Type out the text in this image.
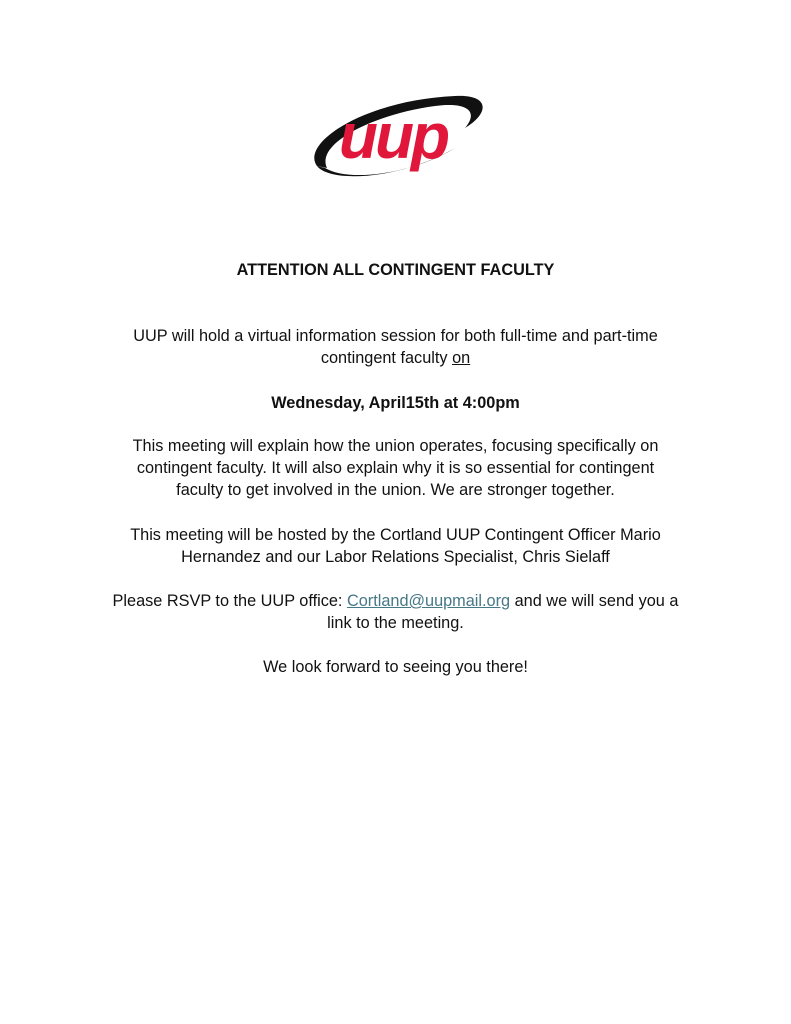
uup
ATTENTION ALL CONTINGENT FACULTY
UUP will hold a virtual information session for both full-time and part-time
contingent faculty on
Wednesday, April15th at 4:00pm
This meeting will explain how the union operates, focusing specifically on
contingent faculty. It will also explain why it is so essential for contingent
faculty to get involved in the union. We are stronger together.
This meeting will be hosted by the Cortland UUP Contingent Officer Mario
Hernandez and our Labor Relations Specialist, Chris Sielaff
Please RSVP to the UUP office: Cortland@uupmail.org and we will send you a
link to the meeting.
We look forward to seeing you there!
